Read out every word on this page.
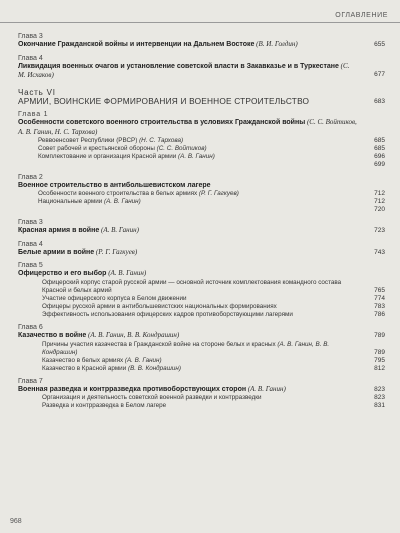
ОГЛАВЛЕНИЕ
Глава 3
Окончание Гражданской войны и интервенции на Дальнем Востоке (В. И. Голдин)	655
Глава 4
Ликвидация военных очагов и установление советской власти в Закавказье и в Туркестане (С. М. Исхаков)	677
Часть VI
АРМИИ, ВОИНСКИЕ ФОРМИРОВАНИЯ И ВОЕННОЕ СТРОИТЕЛЬСТВО	683
Глава 1
Особенности советского военного строительства в условиях Гражданской войны (С. С. Войтиков, А. В. Ганин, Н. С. Тархова)
Реввоенсовет Республики (РВСР) (Н. С. Тархова)	685
Совет рабочей и крестьянской обороны (С. С. Войтиков)	685
Комплектование и организация Красной армии (А. В. Ганин)	696
699
Глава 2
Военное строительство в антибольшевистском лагере
Особенности военного строительства в белых армиях (Р. Г. Гагкуев)	712
Национальные армии (А. В. Ганин)	712
720
Глава 3
Красная армия в войне (А. В. Ганин)	723
Глава 4
Белые армии в войне (Р. Г. Гагкуев)	743
Глава 5
Офицерство и его выбор (А. В. Ганин)
Офицерский корпус старой русской армии — основной источник комплектования командного состава Красной и белых армий	765
Участие офицерского корпуса в Белом движении	774
Офицеры русской армии в антибольшевистских национальных формированиях	783
Эффективность использования офицерских кадров противоборствующими лагерями	786
Глава 6
Казачество в войне (А. В. Ганин, В. В. Кондрашин)	789
Причины участия казачества в Гражданской войне на стороне белых и красных (А. В. Ганин, В. В. Кондрашин)	789
Казачество в белых армиях (А. В. Ганин)	795
Казачество в Красной армии (В. В. Кондрашин)	812
Глава 7
Военная разведка и контрразведка противоборствующих сторон (А. В. Ганин)	823
Организация и деятельность советской военной разведки и контрразведки	823
Разведка и контрразведка в Белом лагере	831
968
